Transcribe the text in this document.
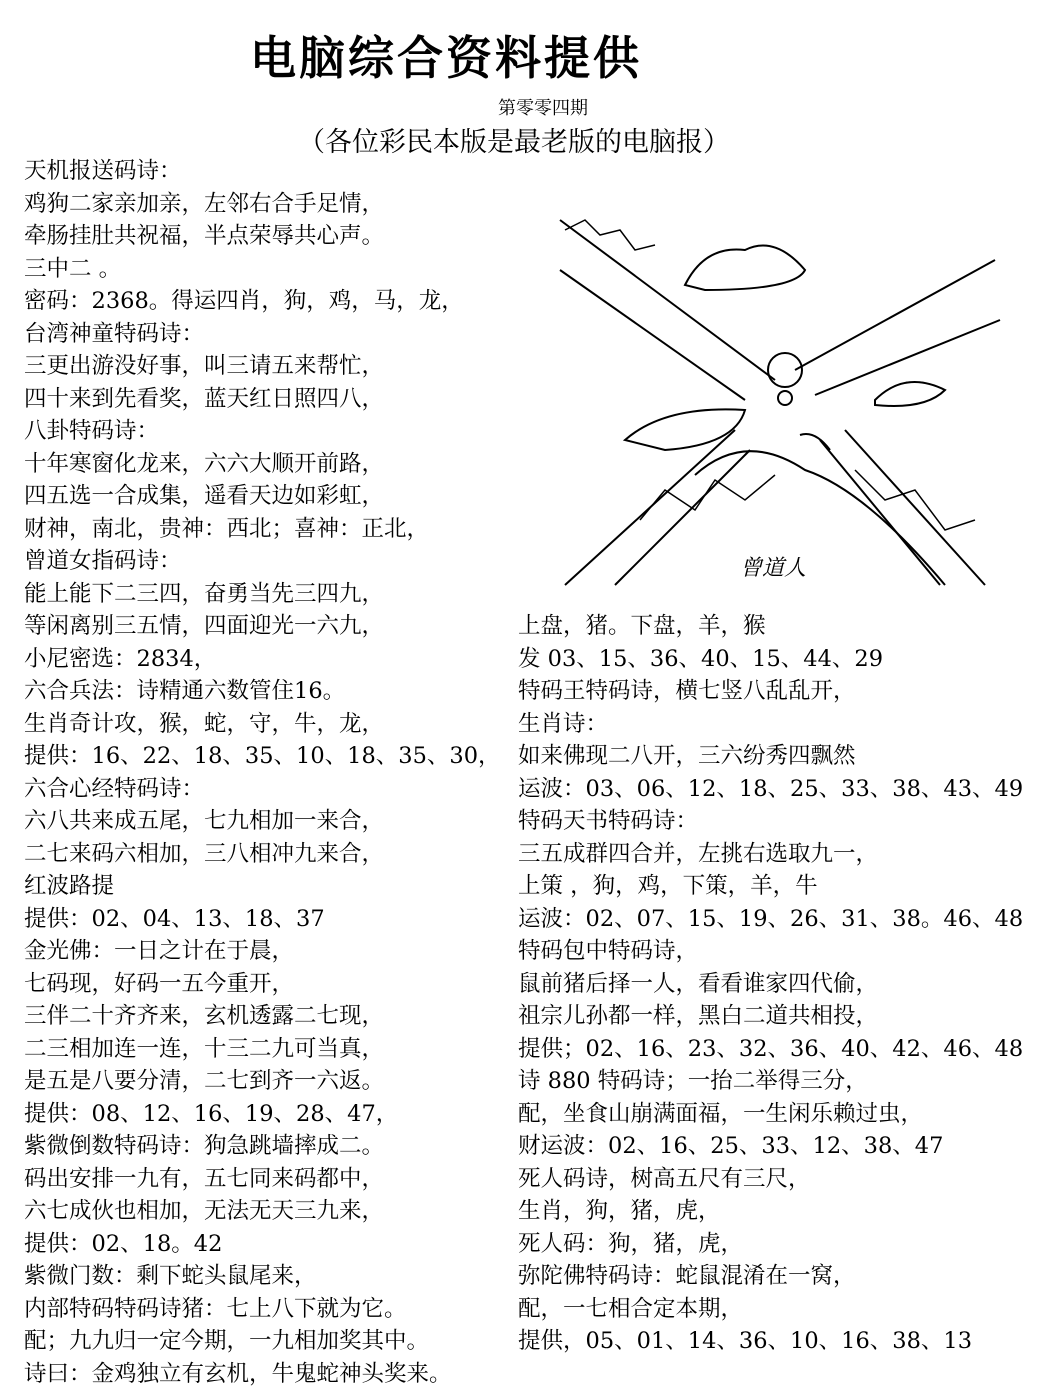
电脑综合资料提供
第零零四期
（各位彩民本版是最老版的电脑报）
天机报送码诗：
鸡狗二家亲加亲，左邻右合手足情，
牵肠挂肚共祝福，半点荣辱共心声。
三中二 。
密码：2368。得运四肖，狗，鸡，马，龙，
台湾神童特码诗：
三更出游没好事，叫三请五来帮忙，
四十来到先看奖，蓝天红日照四八，
八卦特码诗：
十年寒窗化龙来，六六大顺开前路，
四五选一合成集，遥看天边如彩虹，
财神，南北，贵神：西北；喜神：正北，
曾道女指码诗：
能上能下二三四，奋勇当先三四九，
等闲离别三五情，四面迎光一六九，
小尼密选：2834，
六合兵法：诗精通六数管住16。
生肖奇计攻，猴，蛇，守，牛，龙，
提供：16、22、18、35、10、18、35、30，
六合心经特码诗：
六八共来成五尾，七九相加一来合，
二七来码六相加，三八相冲九来合，
红波路提
提供：02、04、13、18、37
金光佛：一日之计在于晨，
七码现，好码一五今重开，
三伴二十齐齐来，玄机透露二七现，
二三相加连一连，十三二九可当真，
是五是八要分清，二七到齐一六返。
提供：08、12、16、19、28、47，
紫微倒数特码诗：狗急跳墙摔成二。
码出安排一九有，五七同来码都中，
六七成伙也相加，无法无天三九来，
提供：02、18。42
紫微门数：剩下蛇头鼠尾来，
内部特码特码诗猪：七上八下就为它。
配；九九归一定今期，一九相加奖其中。
诗曰：金鸡独立有玄机，牛鬼蛇神头奖来。
曾道人
上盘，猪。下盘，羊，猴
发 03、15、36、40、15、44、29
特码王特码诗，横七竖八乱乱开，
生肖诗：
如来佛现二八开，三六纷秀四飘然
运波：03、06、12、18、25、33、38、43、49
特码天书特码诗：
三五成群四合并，左挑右选取九一，
上策 ，狗，鸡，下策，羊，牛
运波：02、07、15、19、26、31、38。46、48
特码包中特码诗，
鼠前猪后择一人，看看谁家四代偷，
祖宗儿孙都一样，黑白二道共相投，
提供；02、16、23、32、36、40、42、46、48
诗 880 特码诗；一抬二举得三分，
配，坐食山崩满面福，一生闲乐赖过虫，
财运波：02、16、25、33、12、38、47
死人码诗，树高五尺有三尺，
生肖，狗，猪，虎，
死人码：狗，猪，虎，
弥陀佛特码诗：蛇鼠混淆在一窝，
配，一七相合定本期，
提供，05、01、14、36、10、16、38、13
